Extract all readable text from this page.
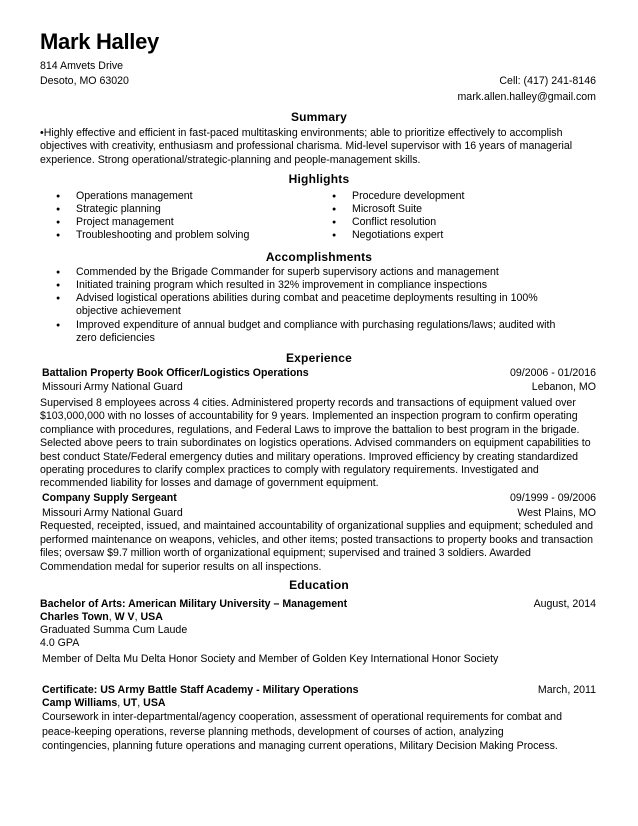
Mark Halley
814 Amvets Drive
Desoto, MO 63020	Cell: (417) 241-8146
mark.allen.halley@gmail.com
Summary
•Highly effective and efficient in fast-paced multitasking environments; able to prioritize effectively to accomplish objectives with creativity, enthusiasm and professional charisma. Mid-level supervisor with 16 years of managerial experience. Strong operational/strategic-planning and people-management skills.
Highlights
● Operations management
● Strategic planning
● Project management
● Troubleshooting and problem solving
● Procedure development
● Microsoft Suite
● Conflict resolution
● Negotiations expert
Accomplishments
● Commended by the Brigade Commander for superb supervisory actions and management
● Initiated training program which resulted in 32% improvement in compliance inspections
● Advised logistical operations abilities during combat and peacetime deployments resulting in 100% objective achievement
● Improved expenditure of annual budget and compliance with purchasing regulations/laws; audited with zero deficiencies
Experience
Battalion Property Book Officer/Logistics Operations	09/2006 - 01/2016
Missouri Army National Guard	Lebanon, MO
Supervised 8 employees across 4 cities. Administered property records and transactions of equipment valued over $103,000,000 with no losses of accountability for 9 years. Implemented an inspection program to confirm operating compliance with procedures, regulations, and Federal Laws to improve the battalion to best program in the brigade. Selected above peers to train subordinates on logistics operations. Advised commanders on equipment capabilities to best conduct State/Federal emergency duties and military operations. Improved efficiency by creating standardized operating procedures to clarify complex practices to comply with regulatory requirements. Investigated and recommended liability for losses and damage of government equipment.
Company Supply Sergeant	09/1999 - 09/2006
Missouri Army National Guard	West Plains, MO
Requested, receipted, issued, and maintained accountability of organizational supplies and equipment; scheduled and performed maintenance on weapons, vehicles, and other items; posted transactions to property books and transaction files; oversaw $9.7 million worth of organizational equipment; supervised and trained 3 soldiers. Awarded Commendation medal for superior results on all inspections.
Education
Bachelor of Arts: American Military University – Management	August, 2014
Charles Town, W V, USA
Graduated Summa Cum Laude
4.0 GPA
Member of Delta Mu Delta Honor Society and Member of Golden Key International Honor Society
Certificate: US Army Battle Staff Academy - Military Operations	March, 2011
Camp Williams, UT, USA
Coursework in inter-departmental/agency cooperation, assessment of operational requirements for combat and peace-keeping operations, reverse planning methods, development of courses of action, analyzing contingencies, planning future operations and managing current operations, Military Decision Making Process.
